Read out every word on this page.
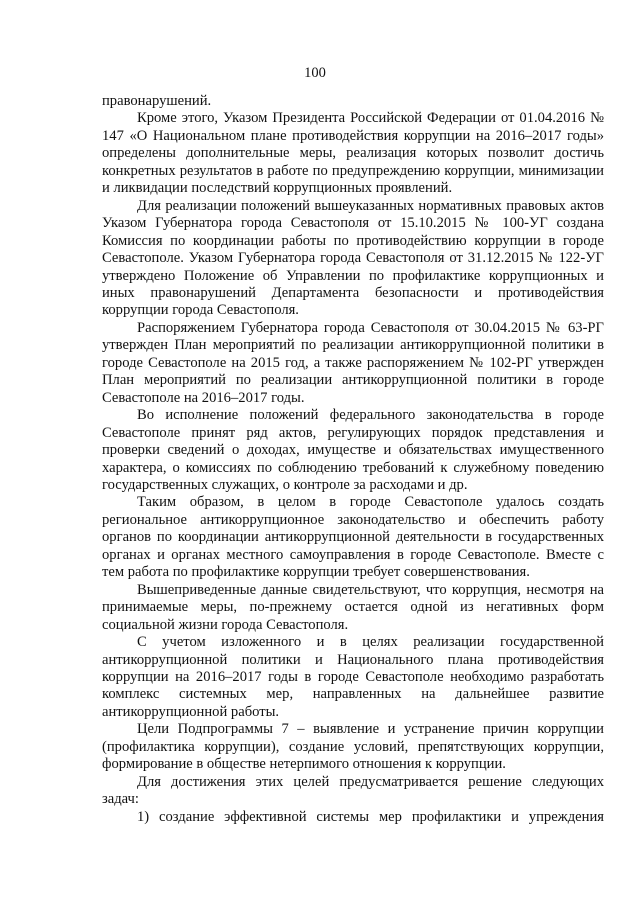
100

правонарушений.

Кроме этого, Указом Президента Российской Федерации от 01.04.2016 № 147 «О Национальном плане противодействия коррупции на 2016–2017 годы» определены дополнительные меры, реализация которых позволит достичь конкретных результатов в работе по предупреждению коррупции, минимизации и ликвидации последствий коррупционных проявлений.

Для реализации положений вышеуказанных нормативных правовых актов Указом Губернатора города Севастополя от 15.10.2015 № 100-УГ создана Комиссия по координации работы по противодействию коррупции в городе Севастополе. Указом Губернатора города Севастополя от 31.12.2015 № 122-УГ утверждено Положение об Управлении по профилактике коррупционных и иных правонарушений Департамента безопасности и противодействия коррупции города Севастополя.

Распоряжением Губернатора города Севастополя от 30.04.2015 № 63-РГ утвержден План мероприятий по реализации антикоррупционной политики в городе Севастополе на 2015 год, а также распоряжением № 102-РГ утвержден План мероприятий по реализации антикоррупционной политики в городе Севастополе на 2016–2017 годы.

Во исполнение положений федерального законодательства в городе Севастополе принят ряд актов, регулирующих порядок представления и проверки сведений о доходах, имуществе и обязательствах имущественного характера, о комиссиях по соблюдению требований к служебному поведению государственных служащих, о контроле за расходами и др.

Таким образом, в целом в городе Севастополе удалось создать региональное антикоррупционное законодательство и обеспечить работу органов по координации антикоррупционной деятельности в государственных органах и органах местного самоуправления в городе Севастополе. Вместе с тем работа по профилактике коррупции требует совершенствования.

Вышеприведенные данные свидетельствуют, что коррупция, несмотря на принимаемые меры, по-прежнему остается одной из негативных форм социальной жизни города Севастополя.

С учетом изложенного и в целях реализации государственной антикоррупционной политики и Национального плана противодействия коррупции на 2016–2017 годы в городе Севастополе необходимо разработать комплекс системных мер, направленных на дальнейшее развитие антикоррупционной работы.

Цели Подпрограммы 7 – выявление и устранение причин коррупции (профилактика коррупции), создание условий, препятствующих коррупции, формирование в обществе нетерпимого отношения к коррупции.

Для достижения этих целей предусматривается решение следующих задач:

1) создание эффективной системы мер профилактики и упреждения
